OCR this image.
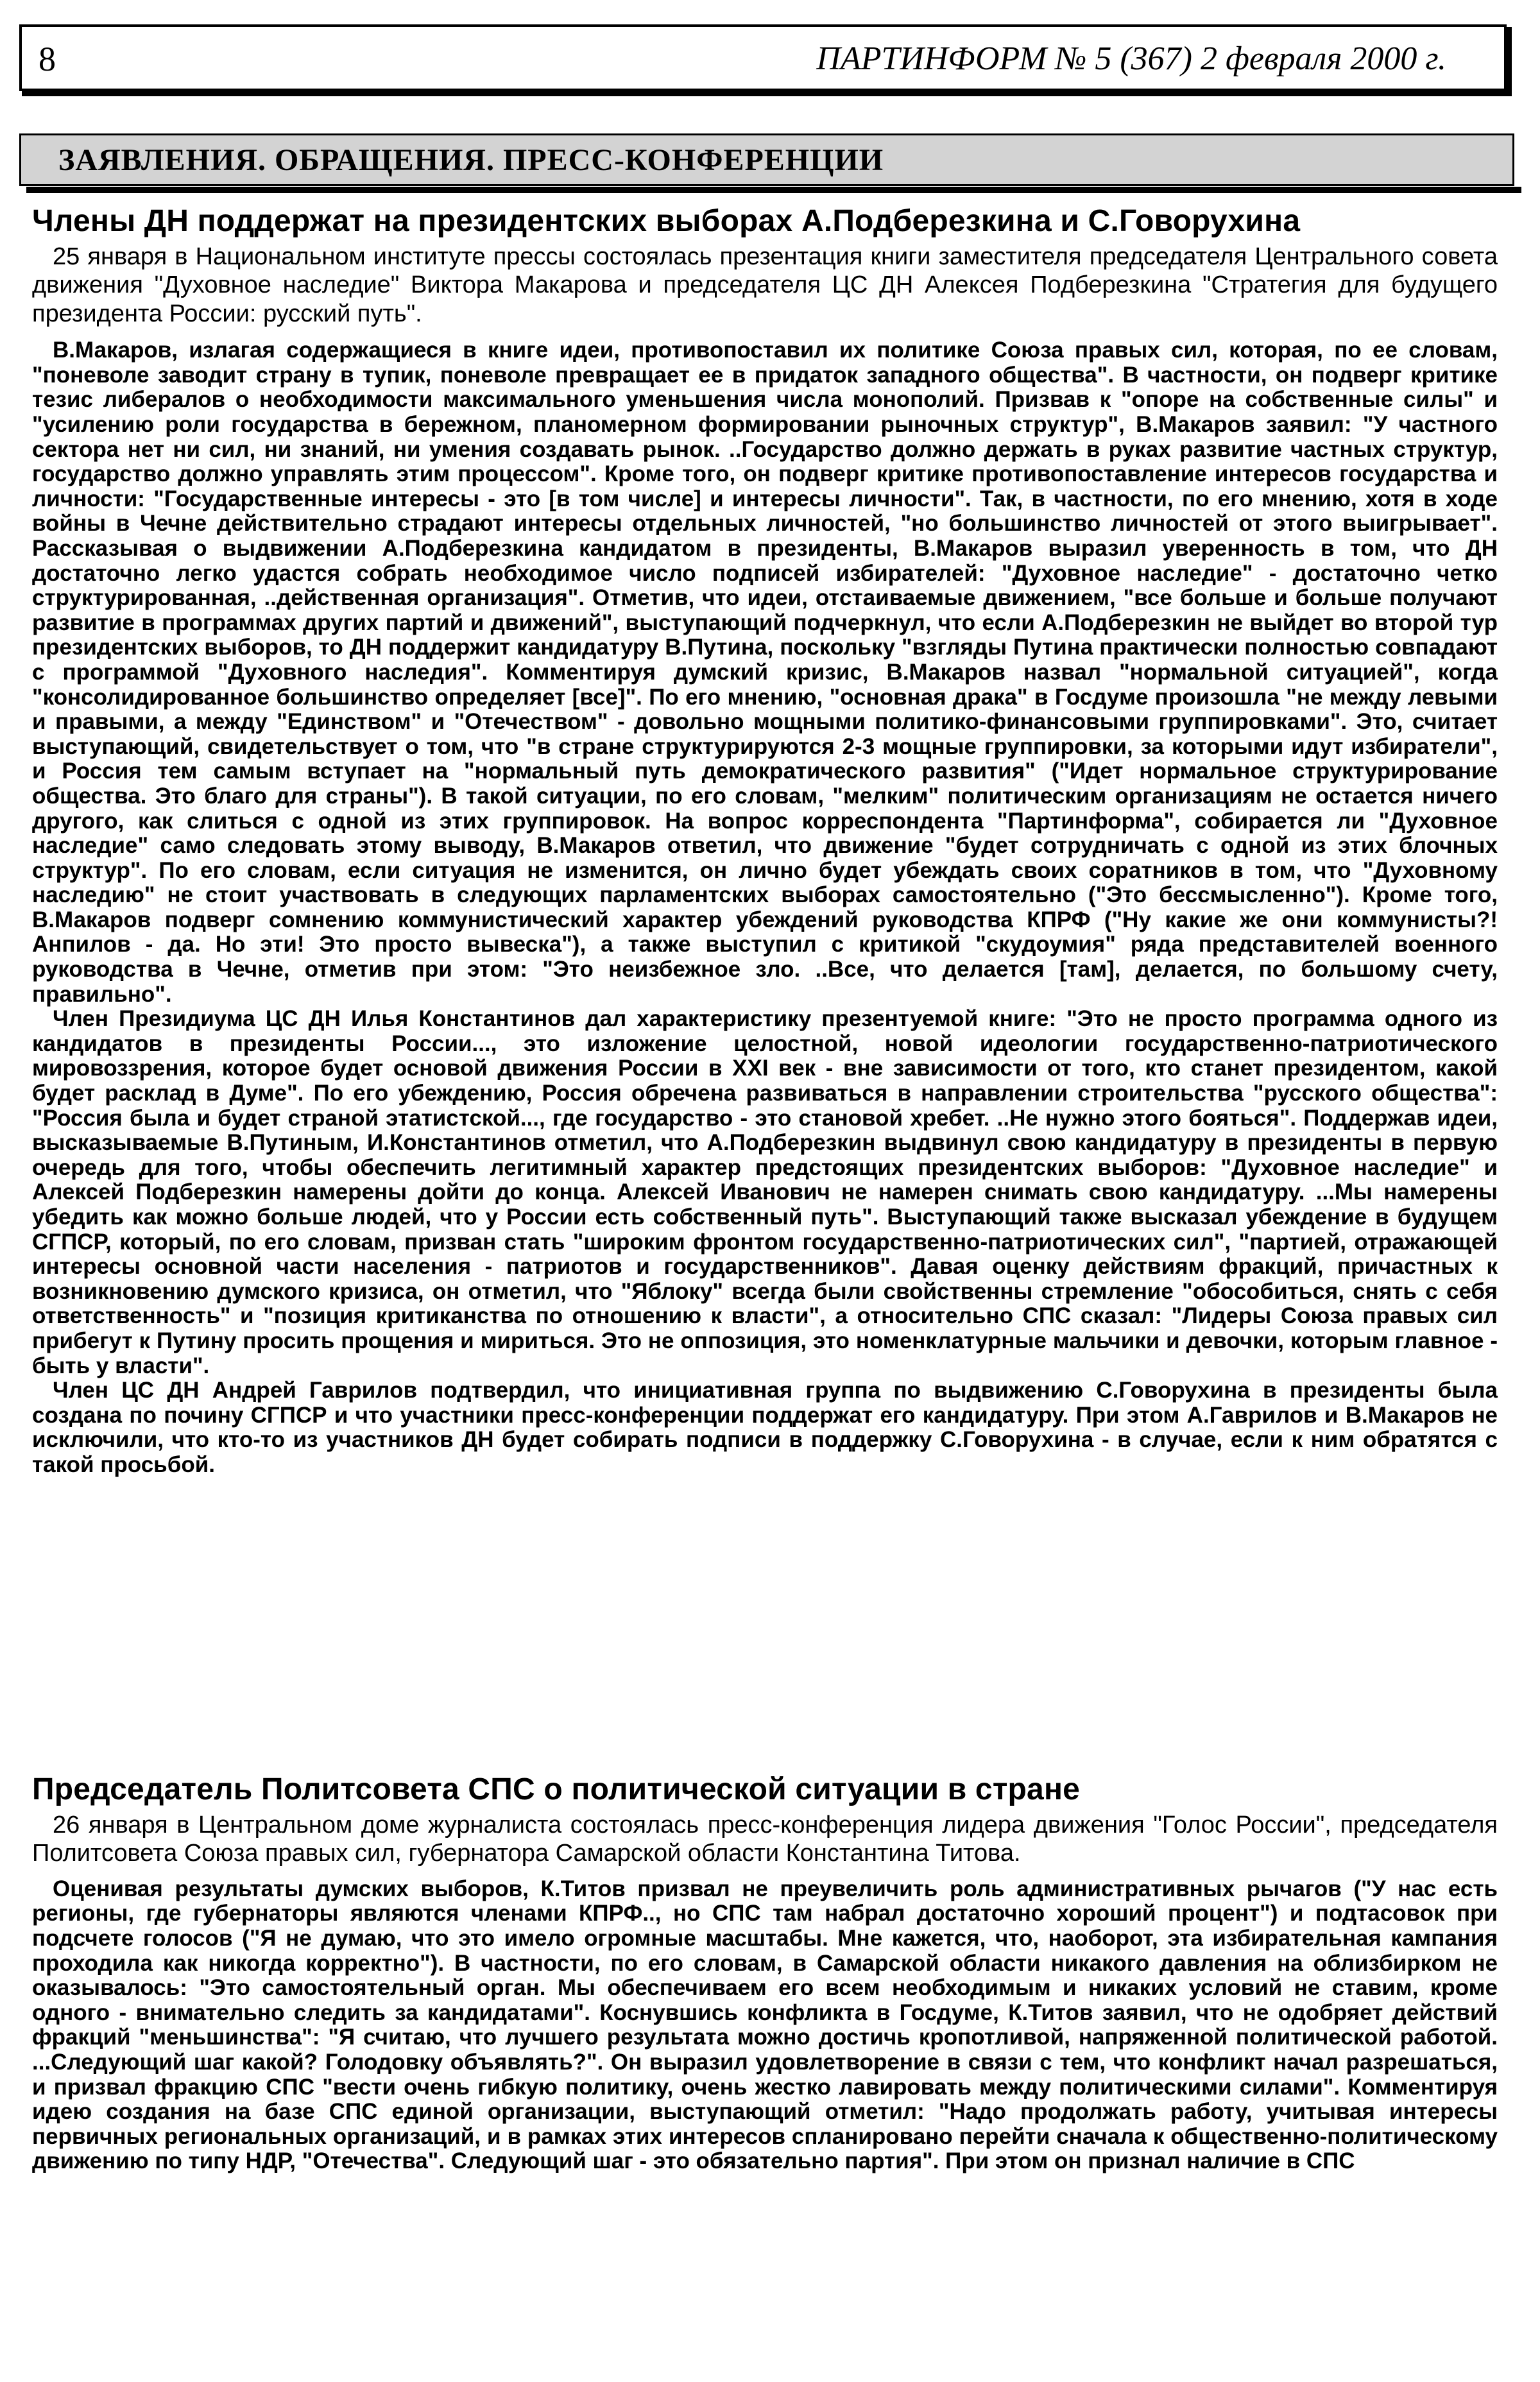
8	ПАРТИНФОРМ № 5 (367) 2 февраля 2000 г.
ЗАЯВЛЕНИЯ. ОБРАЩЕНИЯ. ПРЕСС-КОНФЕРЕНЦИИ
Члены ДН поддержат на президентских выборах А.Подберезкина и С.Говорухина

25 января в Национальном институте прессы состоялась презентация книги заместителя председателя Центрального совета движения "Духовное наследие" Виктора Макарова и председателя ЦС ДН Алексея Подберезкина "Стратегия для будущего президента России: русский путь".

В.Макаров, излагая содержащиеся в книге идеи, противопоставил их политике Союза правых сил, которая, по ее словам, "поневоле заводит страну в тупик, поневоле превращает ее в придаток западного общества". В частности, он подверг критике тезис либералов о необходимости максимального уменьшения числа монополий. Призвав к "опоре на собственные силы" и "усилению роли государства в бережном, планомерном формировании рыночных структур", В.Макаров заявил: "У частного сектора нет ни сил, ни знаний, ни умения создавать рынок. ..Государство должно держать в руках развитие частных структур, государство должно управлять этим процессом". Кроме того, он подверг критике противопоставление интересов государства и личности: "Государственные интересы - это [в том числе] и интересы личности". Так, в частности, по его мнению, хотя в ходе войны в Чечне действительно страдают интересы отдельных личностей, "но большинство личностей от этого выигрывает". Рассказывая о выдвижении А.Подберезкина кандидатом в президенты, В.Макаров выразил уверенность в том, что ДН достаточно легко удастся собрать необходимое число подписей избирателей: "Духовное наследие" - достаточно четко структурированная, ..действенная организация". Отметив, что идеи, отстаиваемые движением, "все больше и больше получают развитие в программах других партий и движений", выступающий подчеркнул, что если А.Подберезкин не выйдет во второй тур президентских выборов, то ДН поддержит кандидатуру В.Путина, поскольку "взгляды Путина практически полностью совпадают с программой "Духовного наследия". Комментируя думский кризис, В.Макаров назвал "нормальной ситуацией", когда "консолидированное большинство определяет [все]". По его мнению, "основная драка" в Госдуме произошла "не между левыми и правыми, а между "Единством" и "Отечеством" - довольно мощными политико-финансовыми группировками". Это, считает выступающий, свидетельствует о том, что "в стране структурируются 2-3 мощные группировки, за которыми идут избиратели", и Россия тем самым вступает на "нормальный путь демократического развития" ("Идет нормальное структурирование общества. Это благо для страны"). В такой ситуации, по его словам, "мелким" политическим организациям не остается ничего другого, как слиться с одной из этих группировок. На вопрос корреспондента "Партинформа", собирается ли "Духовное наследие" само следовать этому выводу, В.Макаров ответил, что движение "будет сотрудничать с одной из этих блочных структур". По его словам, если ситуация не изменится, он лично будет убеждать своих соратников в том, что "Духовному наследию" не стоит участвовать в следующих парламентских выборах самостоятельно ("Это бессмысленно"). Кроме того, В.Макаров подверг сомнению коммунистический характер убеждений руководства КПРФ ("Ну какие же они коммунисты?! Анпилов - да. Но эти! Это просто вывеска"), а также выступил с критикой "скудоумия" ряда представителей военного руководства в Чечне, отметив при этом: "Это неизбежное зло. ..Все, что делается [там], делается, по большому счету, правильно".

Член Президиума ЦС ДН Илья Константинов дал характеристику презентуемой книге: "Это не просто программа одного из кандидатов в президенты России..., это изложение целостной, новой идеологии государственно-патриотического мировоззрения, которое будет основой движения России в XXI век - вне зависимости от того, кто станет президентом, какой будет расклад в Думе". По его убеждению, Россия обречена развиваться в направлении строительства "русского общества": "Россия была и будет страной этатистской..., где государство - это становой хребет. ..Не нужно этого бояться". Поддержав идеи, высказываемые В.Путиным, И.Константинов отметил, что А.Подберезкин выдвинул свою кандидатуру в президенты в первую очередь для того, чтобы обеспечить легитимный характер предстоящих президентских выборов: "Духовное наследие" и Алексей Подберезкин намерены дойти до конца. Алексей Иванович не намерен снимать свою кандидатуру. ...Мы намерены убедить как можно больше людей, что у России есть собственный путь". Выступающий также высказал убеждение в будущем СГПСР, который, по его словам, призван стать "широким фронтом государственно-патриотических сил", "партией, отражающей интересы основной части населения - патриотов и государственников". Давая оценку действиям фракций, причастных к возникновению думского кризиса, он отметил, что "Яблоку" всегда были свойственны стремление "обособиться, снять с себя ответственность" и "позиция критиканства по отношению к власти", а относительно СПС сказал: "Лидеры Союза правых сил прибегут к Путину просить прощения и мириться. Это не оппозиция, это номенклатурные мальчики и девочки, которым главное - быть у власти".

Член ЦС ДН Андрей Гаврилов подтвердил, что инициативная группа по выдвижению С.Говорухина в президенты была создана по почину СГПСР и что участники пресс-конференции поддержат его кандидатуру. При этом А.Гаврилов и В.Макаров не исключили, что кто-то из участников ДН будет собирать подписи в поддержку С.Говорухина - в случае, если к ним обратятся с такой просьбой.

Председатель Политсовета СПС о политической ситуации в стране

26 января в Центральном доме журналиста состоялась пресс-конференция лидера движения "Голос России", председателя Политсовета Союза правых сил, губернатора Самарской области Константина Титова.

Оценивая результаты думских выборов, К.Титов призвал не преувеличить роль административных рычагов ("У нас есть регионы, где губернаторы являются членами КПРФ.., но СПС там набрал достаточно хороший процент") и подтасовок при подсчете голосов ("Я не думаю, что это имело огромные масштабы. Мне кажется, что, наоборот, эта избирательная кампания проходила как никогда корректно"). В частности, по его словам, в Самарской области никакого давления на облизбирком не оказывалось: "Это самостоятельный орган. Мы обеспечиваем его всем необходимым и никаких условий не ставим, кроме одного - внимательно следить за кандидатами". Коснувшись конфликта в Госдуме, К.Титов заявил, что не одобряет действий фракций "меньшинства": "Я считаю, что лучшего результата можно достичь кропотливой, напряженной политической работой. ...Следующий шаг какой? Голодовку объявлять?". Он выразил удовлетворение в связи с тем, что конфликт начал разрешаться, и призвал фракцию СПС "вести очень гибкую политику, очень жестко лавировать между политическими силами". Комментируя идею создания на базе СПС единой организации, выступающий отметил: "Надо продолжать работу, учитывая интересы первичных региональных организаций, и в рамках этих интересов спланировано перейти сначала к общественно-политическому движению по типу НДР, "Отечества". Следующий шаг - это обязательно партия". При этом он признал наличие в СПС
